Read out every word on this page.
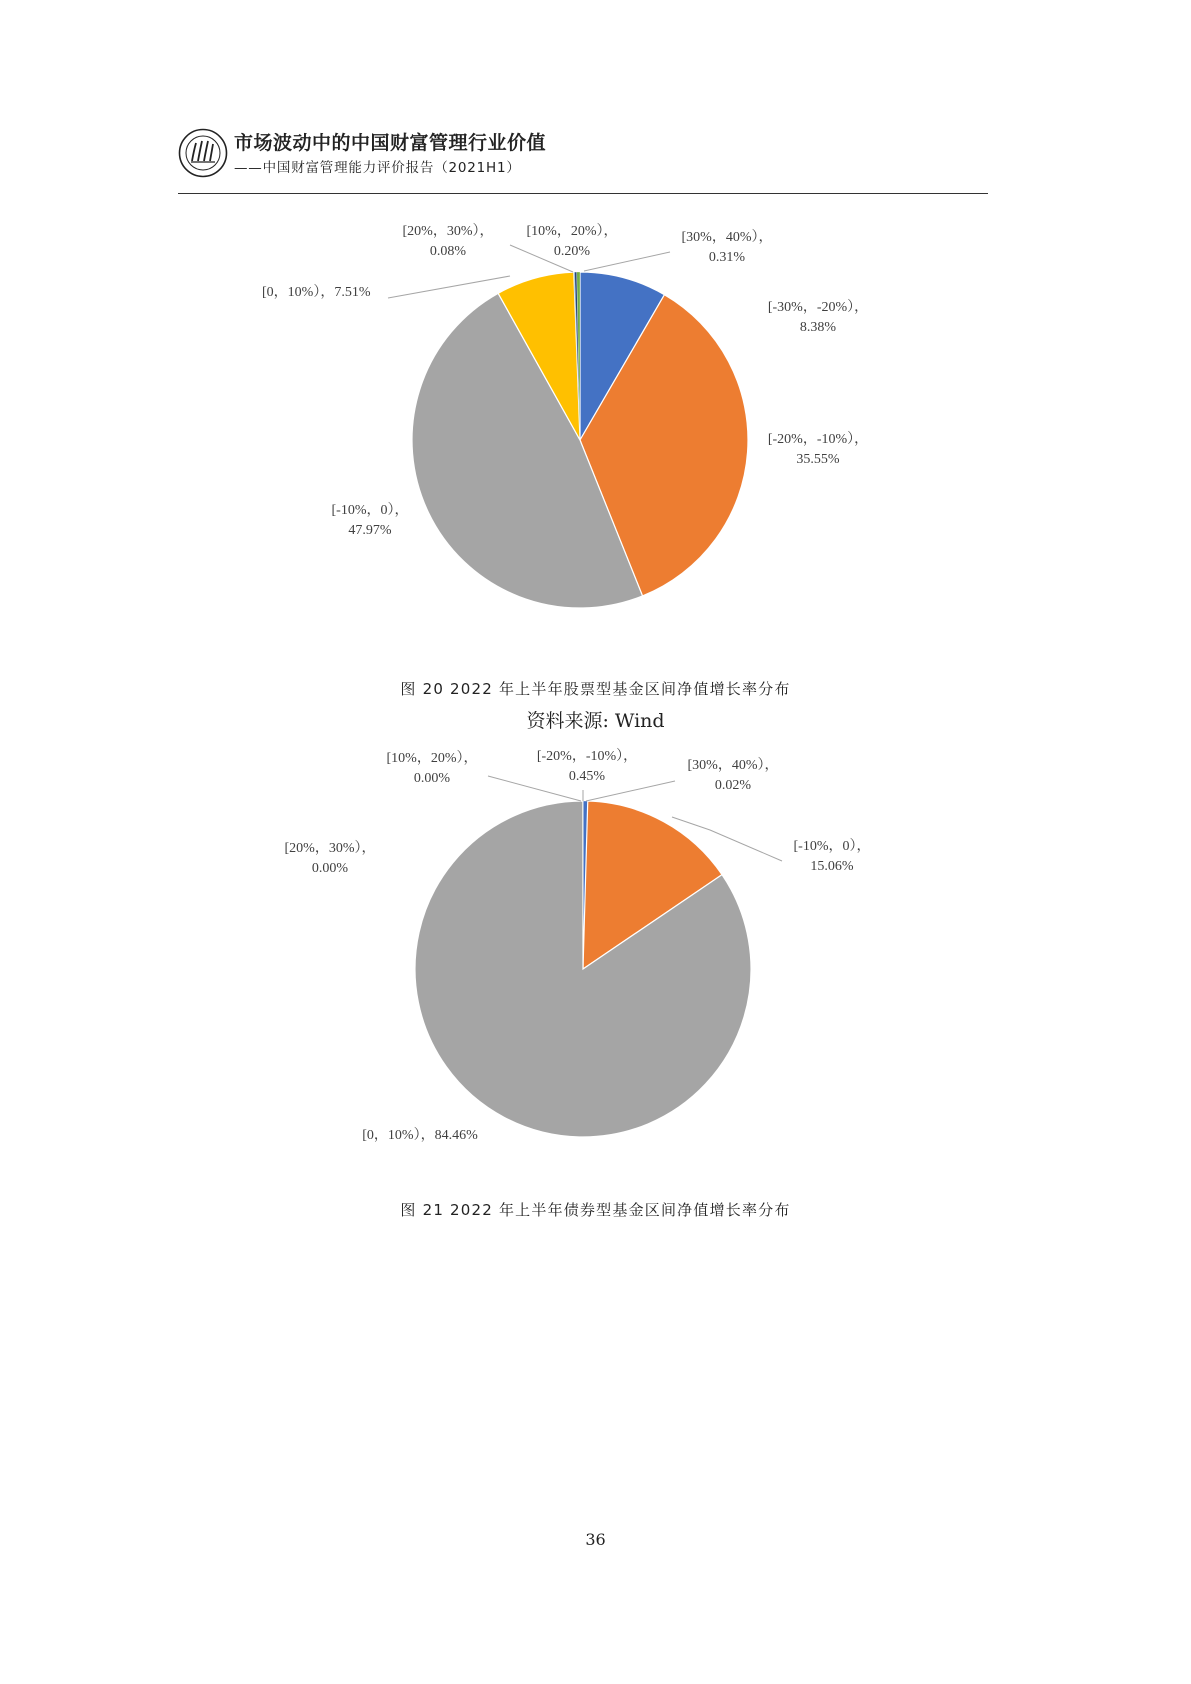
市场波动中的中国财富管理行业价值
——中国财富管理能力评价报告（2021H1）
[-30%，-20%），
8.38%
[-20%，-10%），
35.55%
[-10%，0），
47.97%
[0，10%），7.51%
[20%，30%），
0.08%
[10%，20%），
0.20%
[30%，40%），
0.31%
图 20 2022 年上半年股票型基金区间净值增长率分布
资料来源: Wind
[-20%，-10%），
0.45%
[-10%，0），
15.06%
[0，10%），84.46%
[10%，20%），
0.00%
[20%，30%），
0.00%
[30%，40%），
0.02%
图 21 2022 年上半年债券型基金区间净值增长率分布
36
